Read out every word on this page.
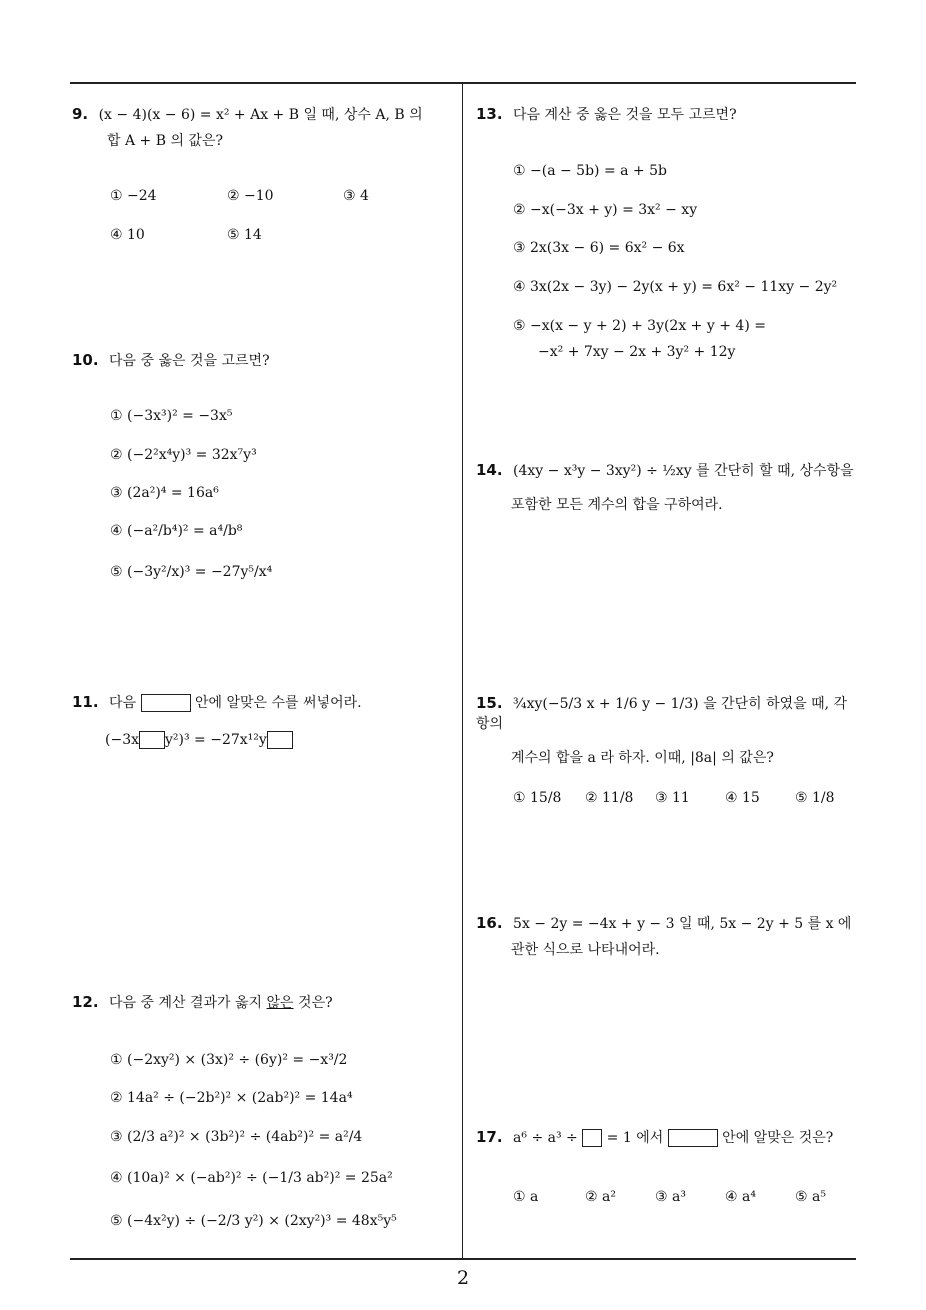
9. (x − 4)(x − 6) = x² + Ax + B 일 때, 상수 A, B 의
합 A + B 의 값은?
① −24	② −10	③ 4
④ 10	⑤ 14
10. 다음 중 옳은 것을 고르면?
① (−3x³)² = −3x⁵
② (−2²x⁴y)³ = 32x⁷y³
③ (2a²)⁴ = 16a⁶
④ (−a²/b⁴)² = a⁴/b⁸
⑤ (−3y²/x)³ = −27y⁵/x⁴
11. 다음	안에 알맞은 수를 써넣어라.
(−3x y²)³ = −27x¹²y
12. 다음 중 계산 결과가 옳지 않은 것은?
① (−2xy²) × (3x)² ÷ (6y)² = −x³/2
② 14a² ÷ (−2b²)² × (2ab²)² = 14a⁴
③ (2/3 a²)² × (3b²)² ÷ (4ab²)² = a²/4
④ (10a)² × (−ab²)² ÷ (−1/3 ab²)² = 25a²
⑤ (−4x²y) ÷ (−2/3 y²) × (2xy²)³ = 48x⁵y⁵
13. 다음 계산 중 옳은 것을 모두 고르면?
① −(a − 5b) = a + 5b
② −x(−3x + y) = 3x² − xy
③ 2x(3x − 6) = 6x² − 6x
④ 3x(2x − 3y) − 2y(x + y) = 6x² − 11xy − 2y²
⑤ −x(x − y + 2) + 3y(2x + y + 4) =
−x² + 7xy − 2x + 3y² + 12y
14. (4xy − x³y − 3xy²) ÷ ½xy 를 간단히 할 때, 상수항을
포함한 모든 계수의 합을 구하여라.
15. ¾xy(−5/3 x + 1/6 y − 1/3) 을 간단히 하였을 때, 각 항의
계수의 합을 a 라 하자. 이때, |8a| 의 값은?
① 15/8 ② 11/8 ③ 11	④ 15	⑤ 1/8
16. 5x − 2y = −4x + y − 3 일 때, 5x − 2y + 5 를 x 에
관한 식으로 나타내어라.
17. a⁶ ÷ a³ ÷ = 1 에서	안에 알맞은 것은?
① a	② a²	③ a³	④ a⁴	⑤ a⁵
2
